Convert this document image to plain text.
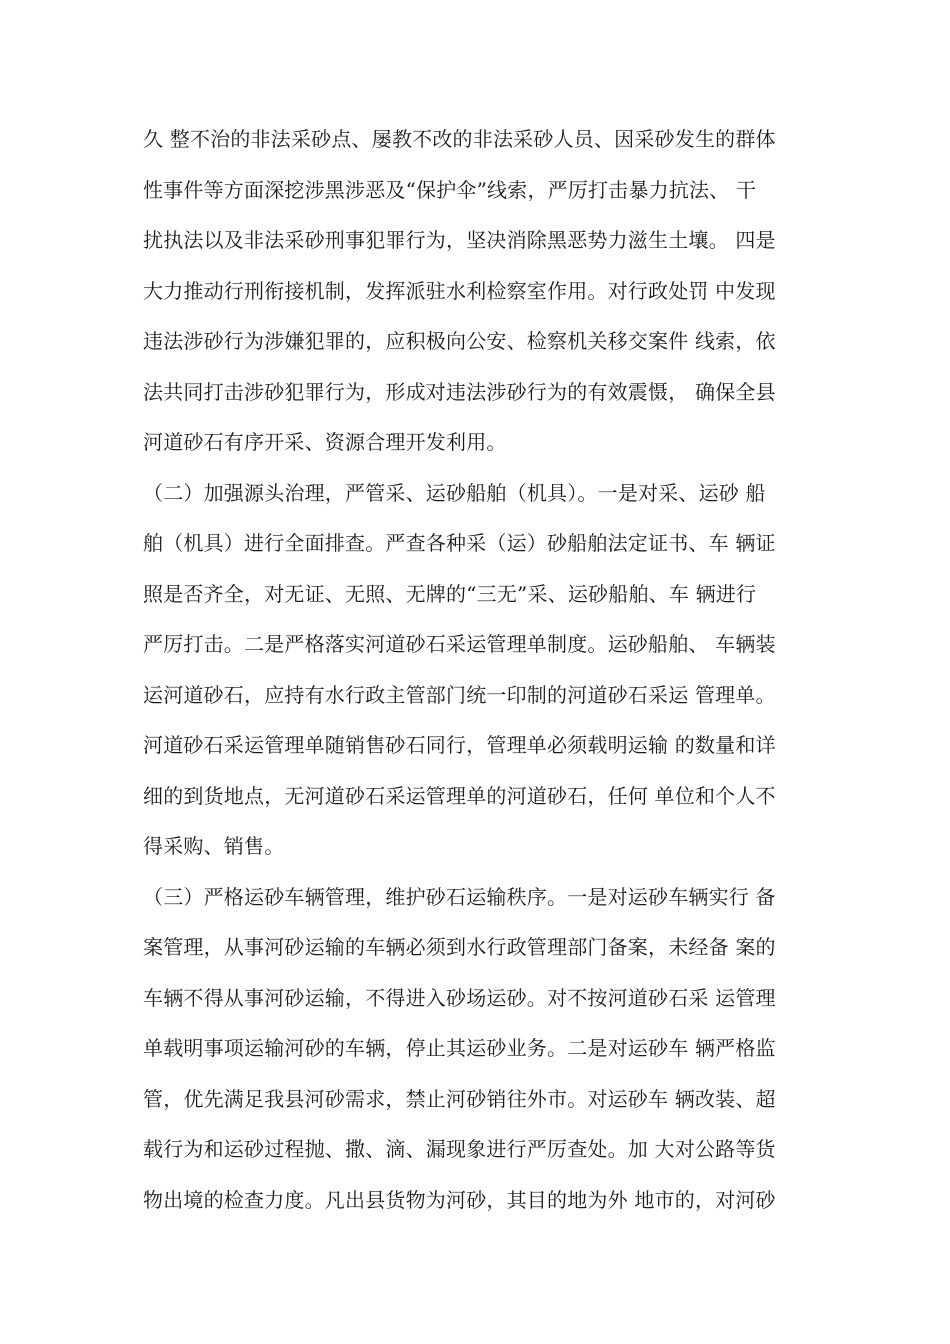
久 整不治的非法采砂点、屡教不改的非法采砂人员、因采砂发生的群体
性事件等方面深挖涉黑涉恶及“保护伞”线索，严厉打击暴力抗法、 干
扰执法以及非法采砂刑事犯罪行为，坚决消除黑恶势力滋生土壤。 四是
大力推动行刑衔接机制，发挥派驻水利检察室作用。对行政处罚 中发现
违法涉砂行为涉嫌犯罪的，应积极向公安、检察机关移交案件 线索，依
法共同打击涉砂犯罪行为，形成对违法涉砂行为的有效震慑， 确保全县
河道砂石有序开采、资源合理开发利用。
（二）加强源头治理，严管采、运砂船舶（机具）。一是对采、运砂 船
舶（机具）进行全面排查。严查各种采（运）砂船舶法定证书、车 辆证
照是否齐全，对无证、无照、无牌的“三无”采、运砂船舶、车 辆进行
严厉打击。二是严格落实河道砂石采运管理单制度。运砂船舶、 车辆装
运河道砂石，应持有水行政主管部门统一印制的河道砂石采运 管理单。
河道砂石采运管理单随销售砂石同行，管理单必须载明运输 的数量和详
细的到货地点，无河道砂石采运管理单的河道砂石，任何 单位和个人不
得采购、销售。
（三）严格运砂车辆管理，维护砂石运输秩序。一是对运砂车辆实行 备
案管理，从事河砂运输的车辆必须到水行政管理部门备案，未经备 案的
车辆不得从事河砂运输，不得进入砂场运砂。对不按河道砂石采 运管理
单载明事项运输河砂的车辆，停止其运砂业务。二是对运砂车 辆严格监
管，优先满足我县河砂需求，禁止河砂销往外市。对运砂车 辆改装、超
载行为和运砂过程抛、撒、滴、漏现象进行严厉查处。加 大对公路等货
物出境的检查力度。凡出县货物为河砂，其目的地为外 地市的，对河砂
